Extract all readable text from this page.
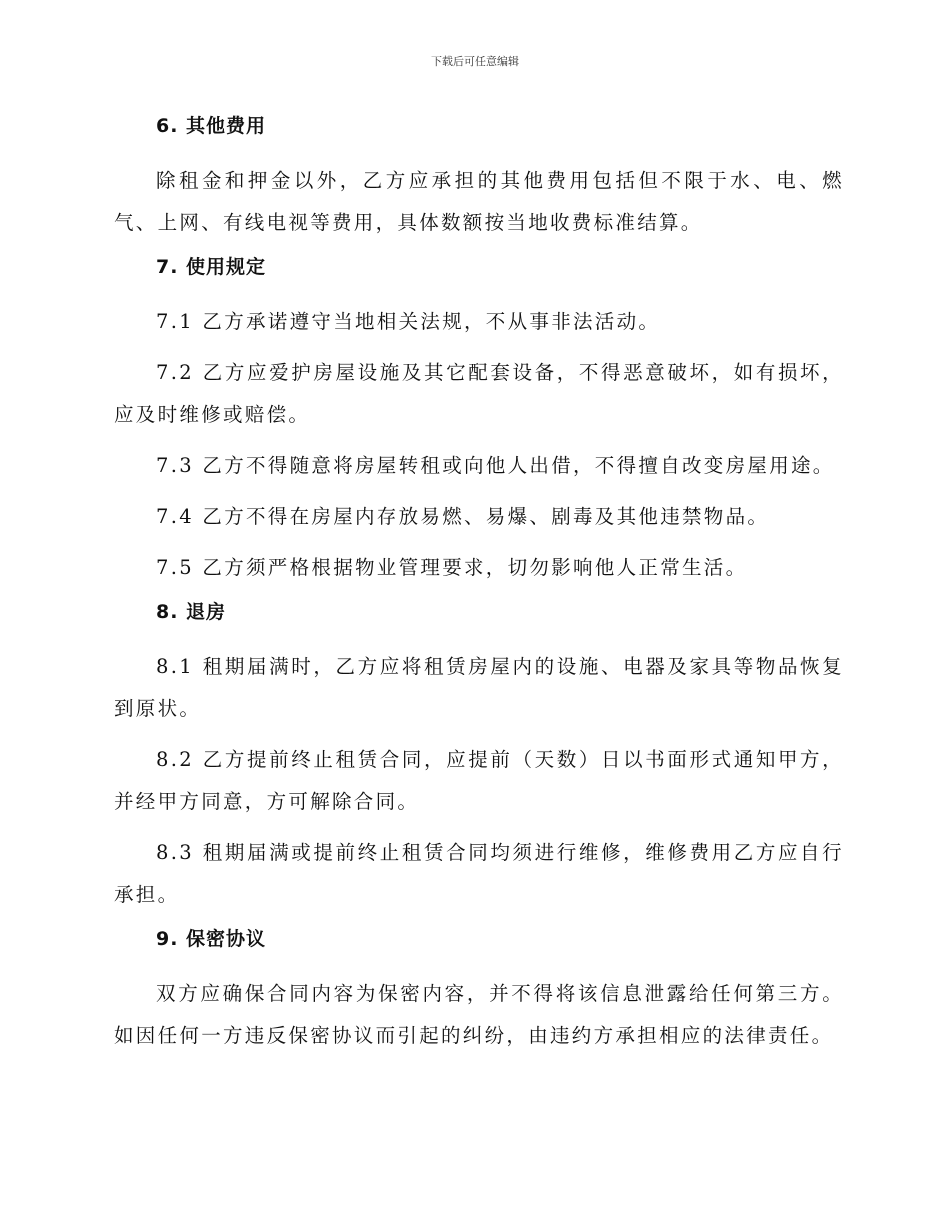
下载后可任意编辑
6. 其他费用

除租金和押金以外，乙方应承担的其他费用包括但不限于水、电、燃气、上网、有线电视等费用，具体数额按当地收费标准结算。

7. 使用规定

7.1 乙方承诺遵守当地相关法规，不从事非法活动。

7.2 乙方应爱护房屋设施及其它配套设备，不得恶意破坏，如有损坏，应及时维修或赔偿。

7.3 乙方不得随意将房屋转租或向他人出借，不得擅自改变房屋用途。

7.4 乙方不得在房屋内存放易燃、易爆、剧毒及其他违禁物品。

7.5 乙方须严格根据物业管理要求，切勿影响他人正常生活。

8. 退房

8.1 租期届满时，乙方应将租赁房屋内的设施、电器及家具等物品恢复到原状。

8.2 乙方提前终止租赁合同，应提前（天数）日以书面形式通知甲方，并经甲方同意，方可解除合同。

8.3 租期届满或提前终止租赁合同均须进行维修，维修费用乙方应自行承担。

9. 保密协议

双方应确保合同内容为保密内容，并不得将该信息泄露给任何第三方。如因任何一方违反保密协议而引起的纠纷，由违约方承担相应的法律责任。
